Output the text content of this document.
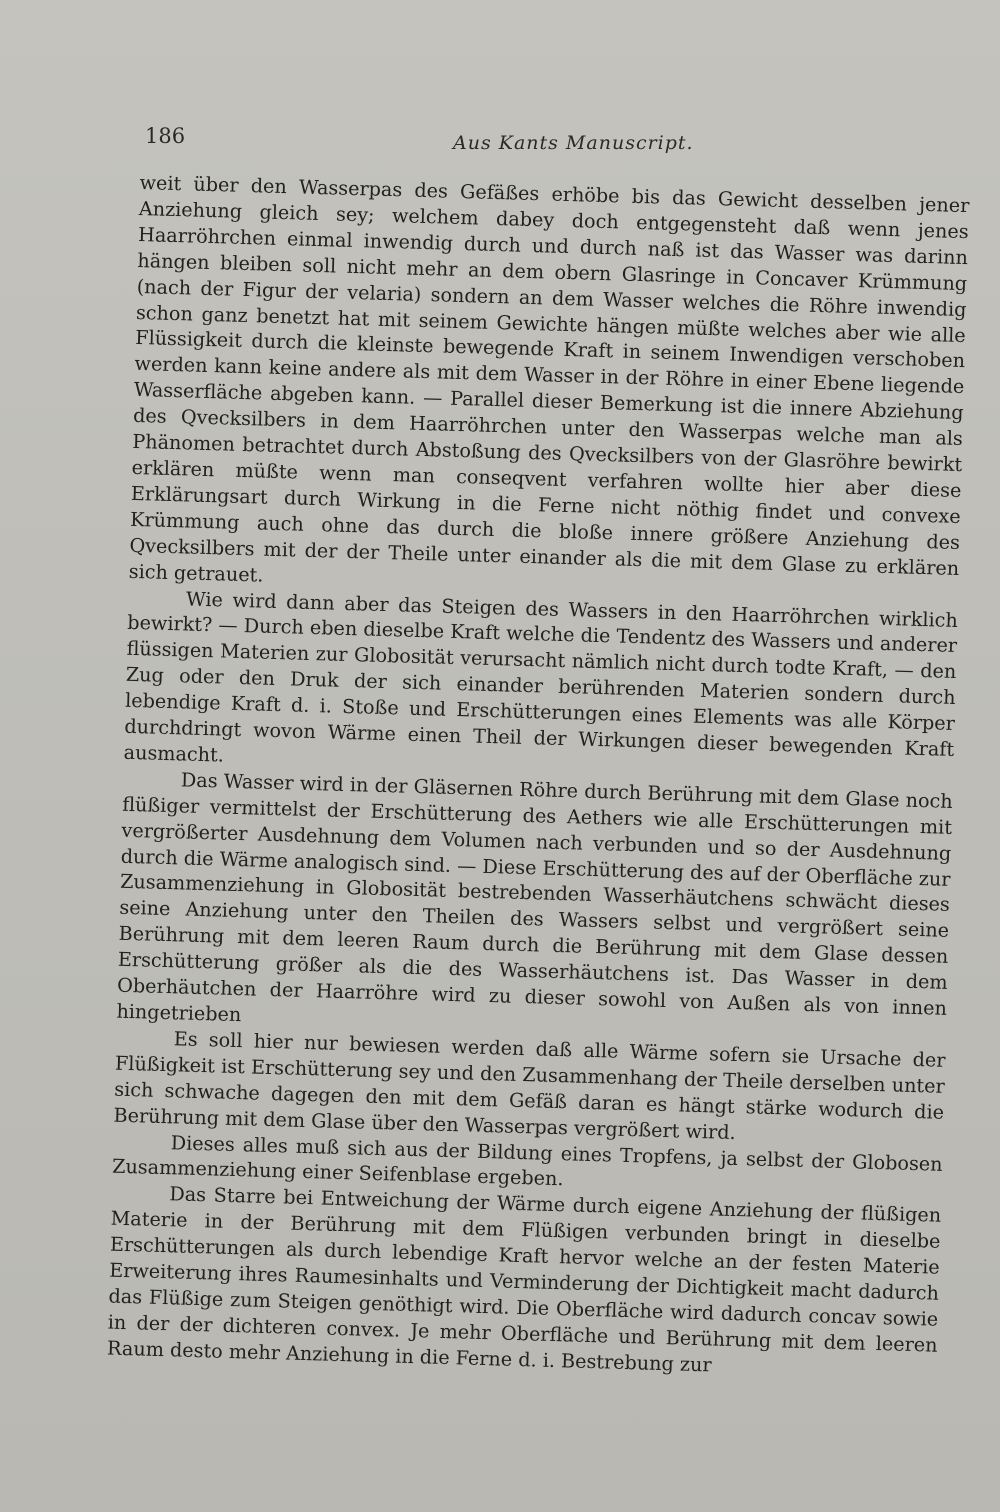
186	Aus Kants Manuscript.

weit über den Wasserpas des Gefäßes erhöbe bis das Gewicht desselben jener Anziehung gleich sey; welchem dabey doch entgegensteht daß wenn jenes Haarröhrchen einmal inwendig durch und durch naß ist das Wasser was darinn hängen bleiben soll nicht mehr an dem obern Glasringe in Concaver Krümmung (nach der Figur der velaria) sondern an dem Wasser welches die Röhre inwendig schon ganz benetzt hat mit seinem Gewichte hängen müßte welches aber wie alle Flüssigkeit durch die kleinste bewegende Kraft in seinem Inwendigen verschoben werden kann keine andere als mit dem Wasser in der Röhre in einer Ebene liegende Wasserfläche abgeben kann. — Parallel dieser Bemerkung ist die innere Abziehung des Qvecksilbers in dem Haarröhrchen unter den Wasserpas welche man als Phänomen betrachtet durch Abstoßung des Qvecksilbers von der Glasröhre bewirkt erklären müßte wenn man conseqvent verfahren wollte hier aber diese Erklärungsart durch Wirkung in die Ferne nicht nöthig findet und convexe Krümmung auch ohne das durch die bloße innere größere Anziehung des Qvecksilbers mit der der Theile unter einander als die mit dem Glase zu erklären sich getrauet.

Wie wird dann aber das Steigen des Wassers in den Haarröhrchen wirklich bewirkt? — Durch eben dieselbe Kraft welche die Tendentz des Wassers und anderer flüssigen Materien zur Globosität verursacht nämlich nicht durch todte Kraft, — den Zug oder den Druk der sich einander berührenden Materien sondern durch lebendige Kraft d. i. Stoße und Erschütterungen eines Elements was alle Körper durchdringt wovon Wärme einen Theil der Wirkungen dieser bewegenden Kraft ausmacht.

Das Wasser wird in der Gläsernen Röhre durch Berührung mit dem Glase noch flüßiger vermittelst der Erschütterung des Aethers wie alle Erschütterungen mit vergrößerter Ausdehnung dem Volumen nach verbunden und so der Ausdehnung durch die Wärme analogisch sind. — Diese Erschütterung des auf der Oberfläche zur Zusammenziehung in Globosität bestrebenden Wasserhäutchens schwächt dieses seine Anziehung unter den Theilen des Wassers selbst und vergrößert seine Berührung mit dem leeren Raum durch die Berührung mit dem Glase dessen Erschütterung größer als die des Wasserhäutchens ist. Das Wasser in dem Oberhäutchen der Haarröhre wird zu dieser sowohl von Außen als von innen hingetrieben

Es soll hier nur bewiesen werden daß alle Wärme sofern sie Ursache der Flüßigkeit ist Erschütterung sey und den Zusammenhang der Theile derselben unter sich schwache dagegen den mit dem Gefäß daran es hängt stärke wodurch die Berührung mit dem Glase über den Wasserpas vergrößert wird.

Dieses alles muß sich aus der Bildung eines Tropfens, ja selbst der Globosen Zusammenziehung einer Seifenblase ergeben.

Das Starre bei Entweichung der Wärme durch eigene Anziehung der flüßigen Materie in der Berührung mit dem Flüßigen verbunden bringt in dieselbe Erschütterungen als durch lebendige Kraft hervor welche an der festen Materie Erweiterung ihres Raumesinhalts und Verminderung der Dichtigkeit macht dadurch das Flüßige zum Steigen genöthigt wird. Die Oberfläche wird dadurch concav sowie in der der dichteren convex. Je mehr Oberfläche und Berührung mit dem leeren Raum desto mehr Anziehung in die Ferne d. i. Bestrebung zur
